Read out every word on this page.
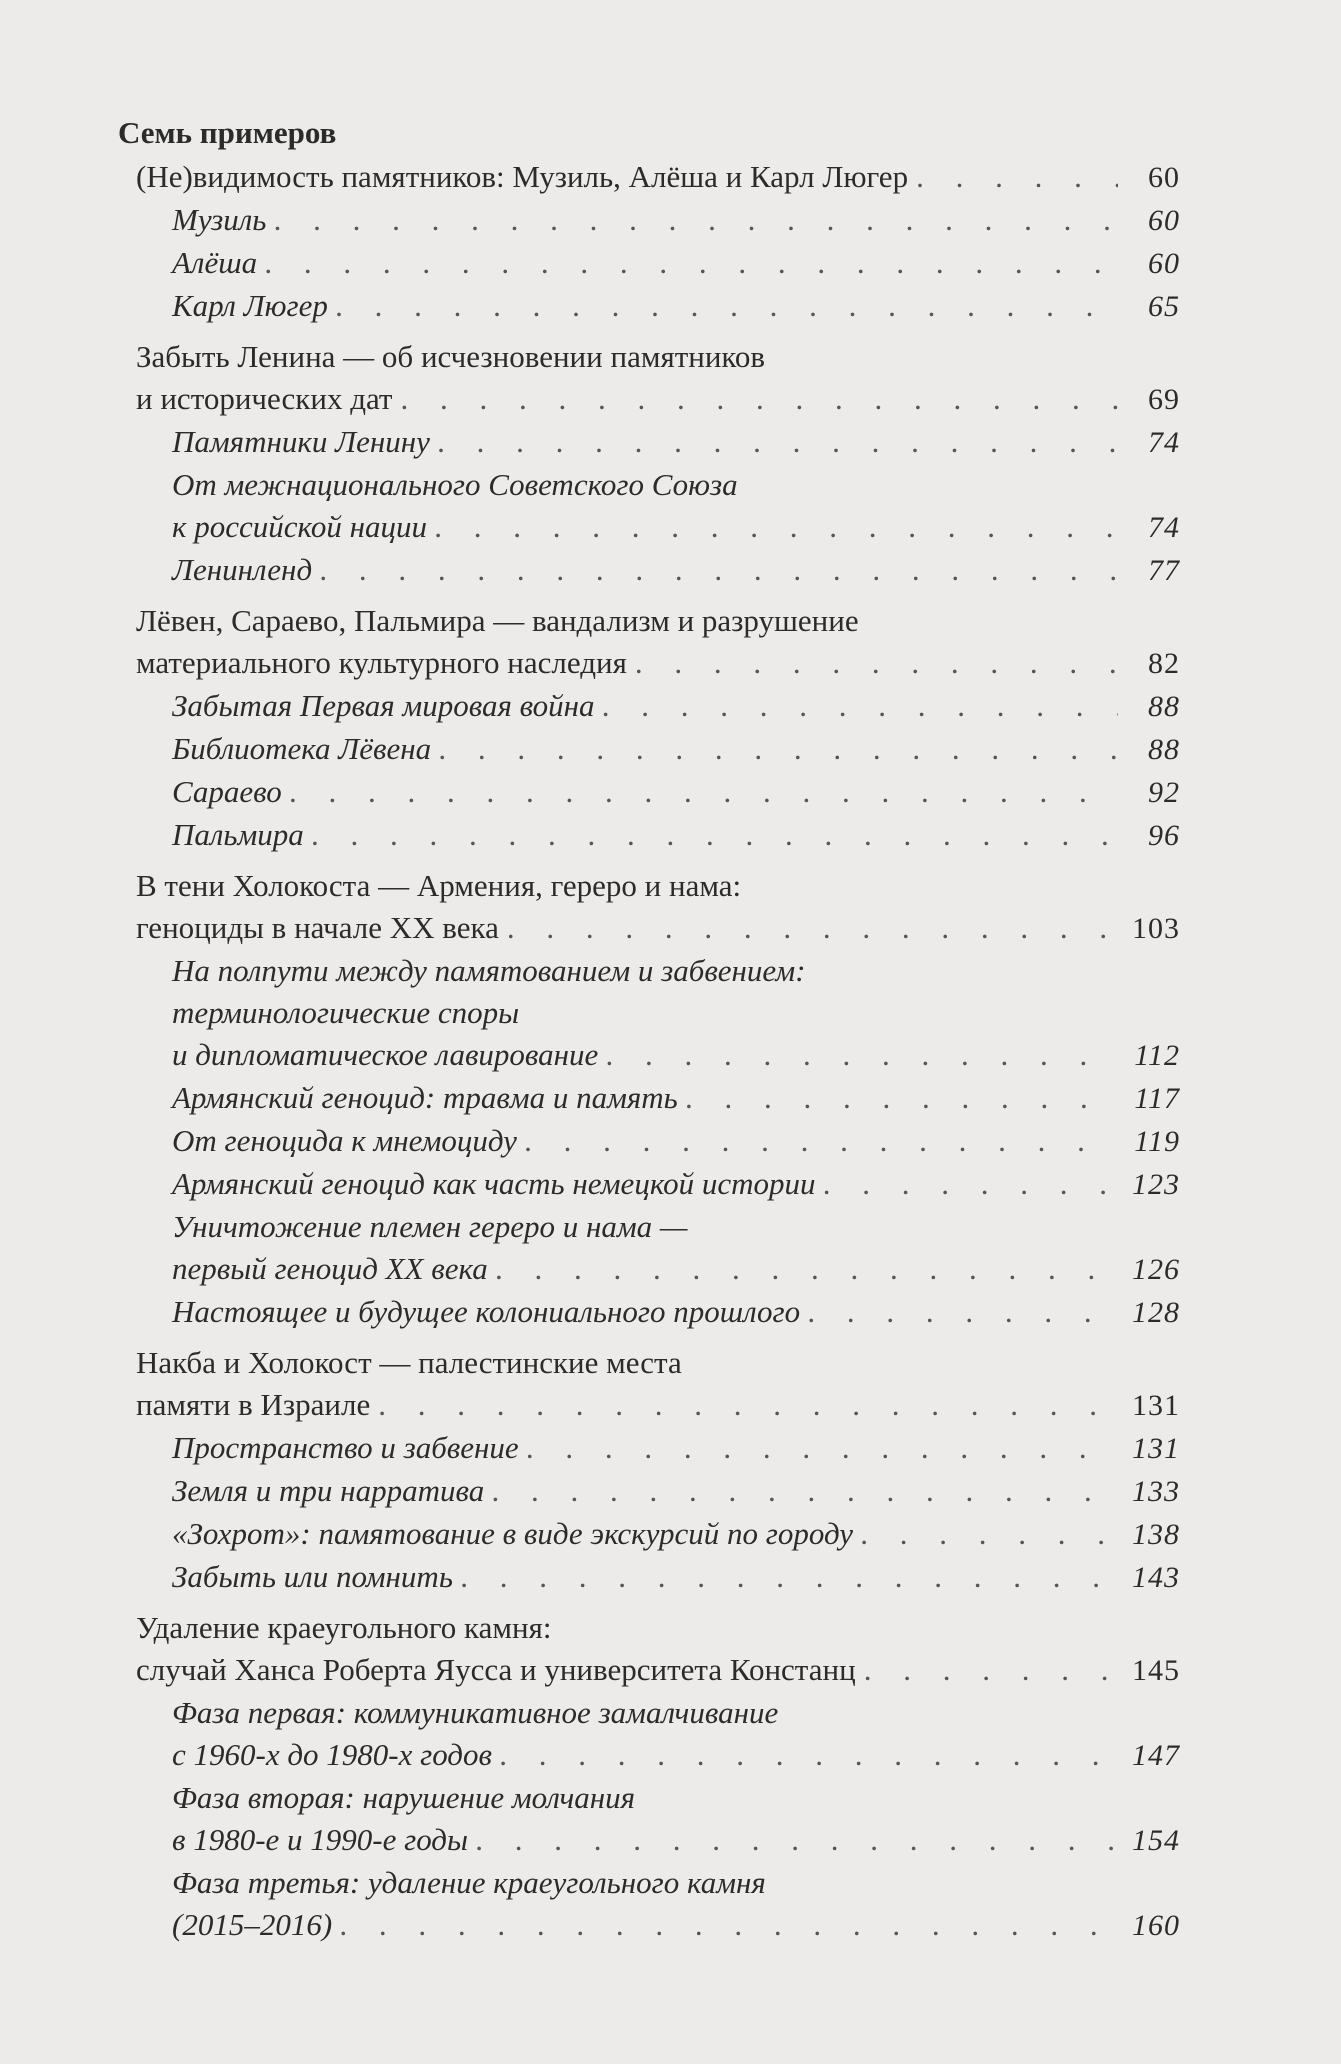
Семь примеров
(Не)видимость памятников: Музиль, Алёша и Карл Люгер . . .	60
Музиль . . .	60
Алёша . . .	60
Карл Люгер . . .	65
Забыть Ленина — об исчезновении памятников
и исторических дат . . .	69
Памятники Ленину . . .	74
От межнационального Советского Союза
к российской нации . . .	74
Ленинленд . . .	77
Лёвен, Сараево, Пальмира — вандализм и разрушение
материального культурного наследия . . .	82
Забытая Первая мировая война . . .	88
Библиотека Лёвена . . .	88
Сараево . . .	92
Пальмира . . .	96
В тени Холокоста — Армения, гереро и нама:
геноциды в начале XX века . . .	103
На полпути между памятованием и забвением:
терминологические споры
и дипломатическое лавирование . . .	112
Армянский геноцид: травма и память . . .	117
От геноцида к мнемоциду . . .	119
Армянский геноцид как часть немецкой истории . . .	123
Уничтожение племен гереро и нама —
первый геноцид XX века . . .	126
Настоящее и будущее колониального прошлого . . .	128
Накба и Холокост — палестинские места
памяти в Израиле . . .	131
Пространство и забвение . . .	131
Земля и три нарратива . . .	133
«Зохрот»: памятование в виде экскурсий по городу . . .	138
Забыть или помнить . . .	143
Удаление краеугольного камня:
случай Ханса Роберта Яусса и университета Констанц . . .	145
Фаза первая: коммуникативное замалчивание
с 1960-х до 1980-х годов . . .	147
Фаза вторая: нарушение молчания
в 1980-е и 1990-е годы . . .	154
Фаза третья: удаление краеугольного камня
(2015–2016) . . .	160
